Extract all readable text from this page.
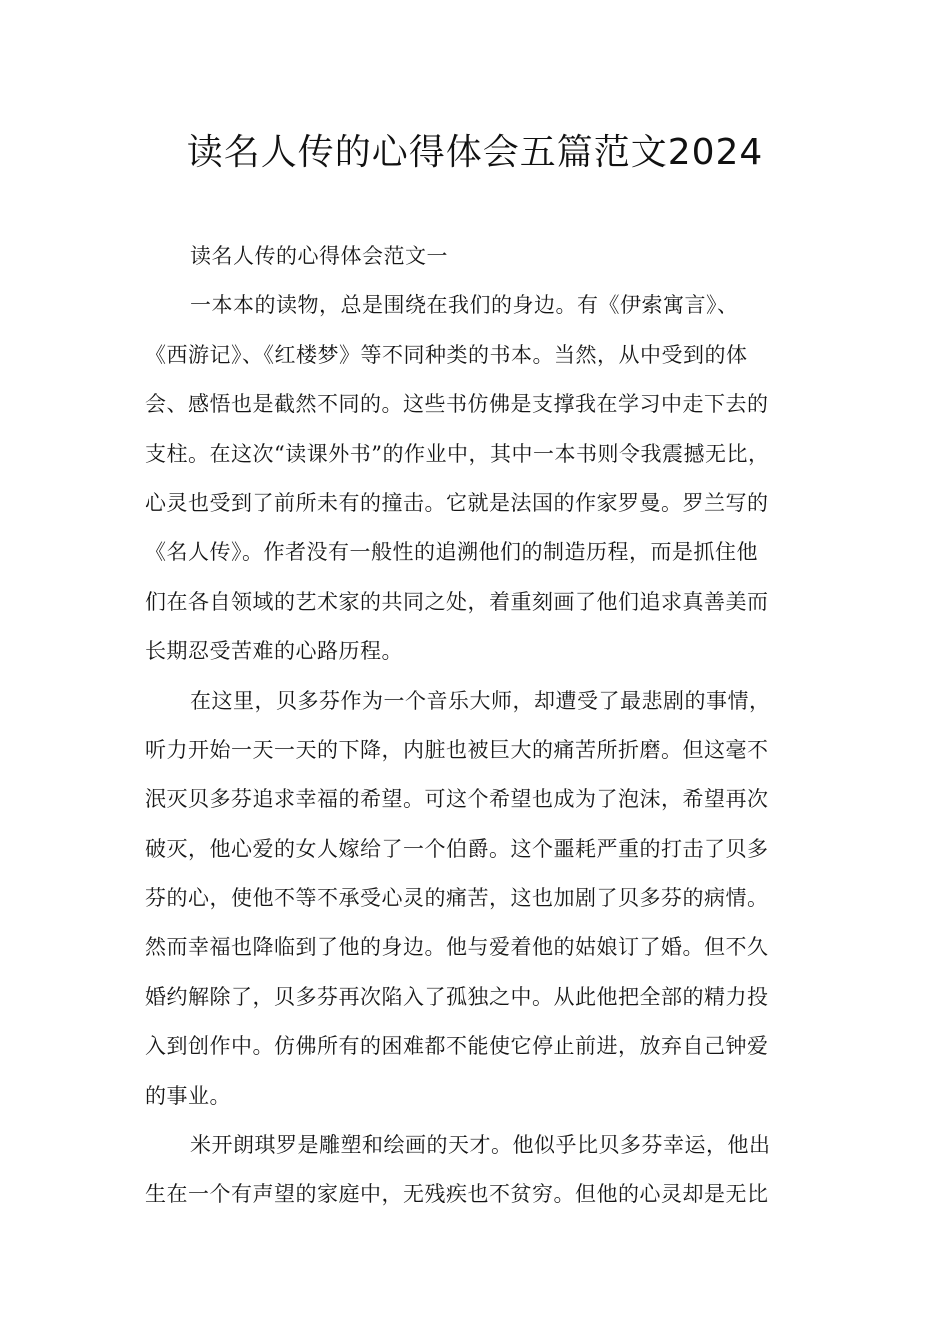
读名人传的心得体会五篇范文2024
读名人传的心得体会范文一
一本本的读物，总是围绕在我们的身边。有《伊索寓言》、
《西游记》、《红楼梦》等不同种类的书本。当然，从中受到的体
会、感悟也是截然不同的。这些书仿佛是支撑我在学习中走下去的
支柱。在这次“读课外书”的作业中，其中一本书则令我震撼无比，
心灵也受到了前所未有的撞击。它就是法国的作家罗曼。罗兰写的
《名人传》。作者没有一般性的追溯他们的制造历程，而是抓住他
们在各自领域的艺术家的共同之处，着重刻画了他们追求真善美而
长期忍受苦难的心路历程。
在这里，贝多芬作为一个音乐大师，却遭受了最悲剧的事情，
听力开始一天一天的下降，内脏也被巨大的痛苦所折磨。但这毫不
泯灭贝多芬追求幸福的希望。可这个希望也成为了泡沫，希望再次
破灭，他心爱的女人嫁给了一个伯爵。这个噩耗严重的打击了贝多
芬的心，使他不等不承受心灵的痛苦，这也加剧了贝多芬的病情。
然而幸福也降临到了他的身边。他与爱着他的姑娘订了婚。但不久
婚约解除了，贝多芬再次陷入了孤独之中。从此他把全部的精力投
入到创作中。仿佛所有的困难都不能使它停止前进，放弃自己钟爱
的事业。
米开朗琪罗是雕塑和绘画的天才。他似乎比贝多芬幸运，他出
生在一个有声望的家庭中，无残疾也不贫穷。但他的心灵却是无比
